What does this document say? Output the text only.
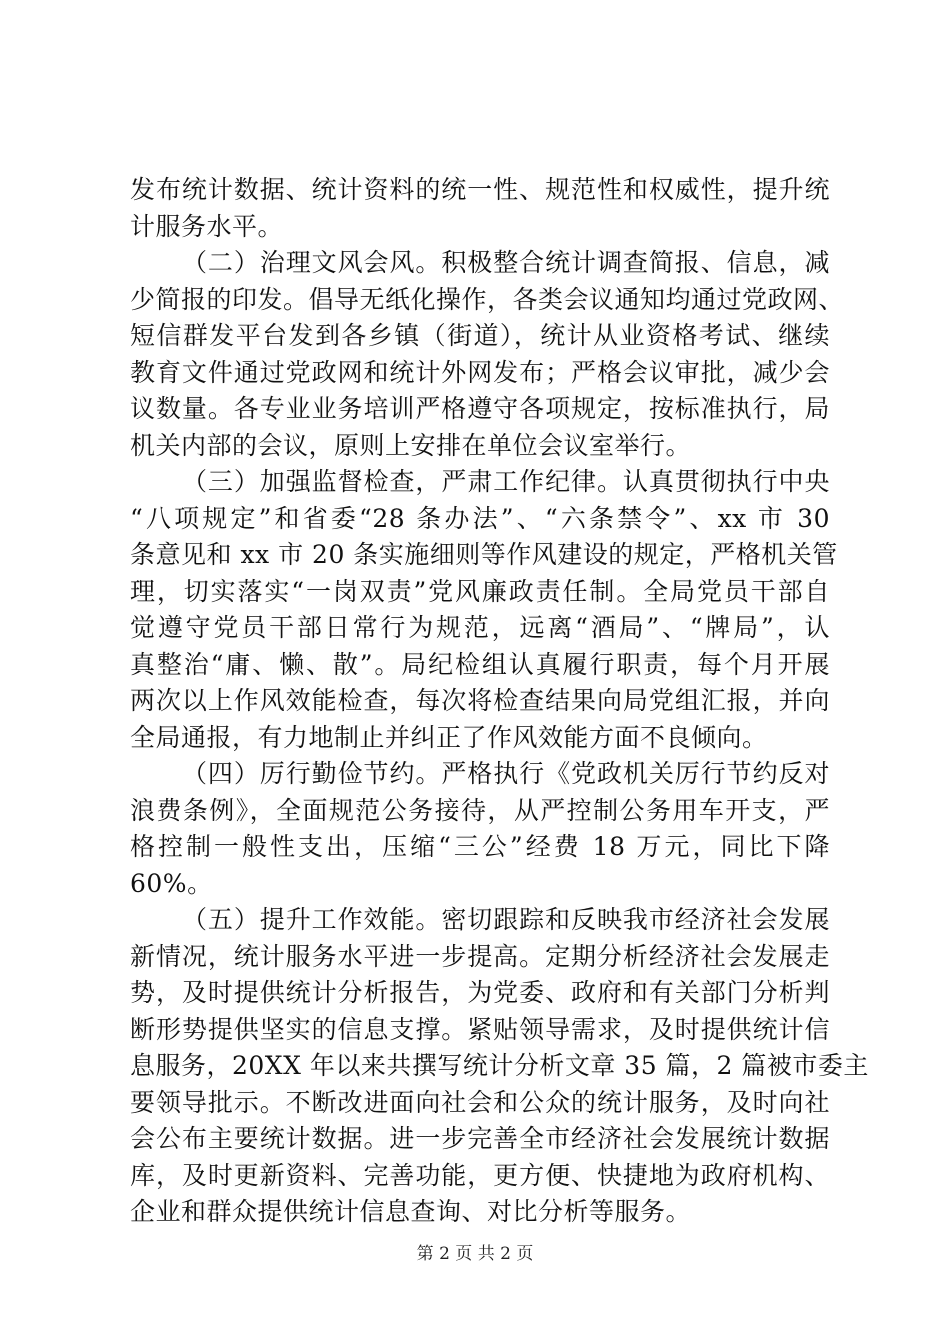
发布统计数据、统计资料的统一性、规范性和权威性，提升统
计服务水平。
（二）治理文风会风。积极整合统计调查简报、信息，减
少简报的印发。倡导无纸化操作，各类会议通知均通过党政网、
短信群发平台发到各乡镇（街道），统计从业资格考试、继续
教育文件通过党政网和统计外网发布；严格会议审批，减少会
议数量。各专业业务培训严格遵守各项规定，按标准执行，局
机关内部的会议，原则上安排在单位会议室举行。
（三）加强监督检查，严肃工作纪律。认真贯彻执行中央
“八项规定”和省委“28 条办法”、“六条禁令”、xx 市 30
条意见和 xx 市 20 条实施细则等作风建设的规定，严格机关管
理，切实落实“一岗双责”党风廉政责任制。全局党员干部自
觉遵守党员干部日常行为规范，远离“酒局”、“牌局”，认
真整治“庸、懒、散”。局纪检组认真履行职责，每个月开展
两次以上作风效能检查，每次将检查结果向局党组汇报，并向
全局通报，有力地制止并纠正了作风效能方面不良倾向。
（四）厉行勤俭节约。严格执行《党政机关厉行节约反对
浪费条例》，全面规范公务接待，从严控制公务用车开支，严
格控制一般性支出，压缩“三公”经费 18 万元，同比下降
60%。
（五）提升工作效能。密切跟踪和反映我市经济社会发展
新情况，统计服务水平进一步提高。定期分析经济社会发展走
势，及时提供统计分析报告，为党委、政府和有关部门分析判
断形势提供坚实的信息支撑。紧贴领导需求，及时提供统计信
息服务，20XX 年以来共撰写统计分析文章 35 篇，2 篇被市委主
要领导批示。不断改进面向社会和公众的统计服务，及时向社
会公布主要统计数据。进一步完善全市经济社会发展统计数据
库，及时更新资料、完善功能，更方便、快捷地为政府机构、
企业和群众提供统计信息查询、对比分析等服务。
第 2 页 共 2 页
